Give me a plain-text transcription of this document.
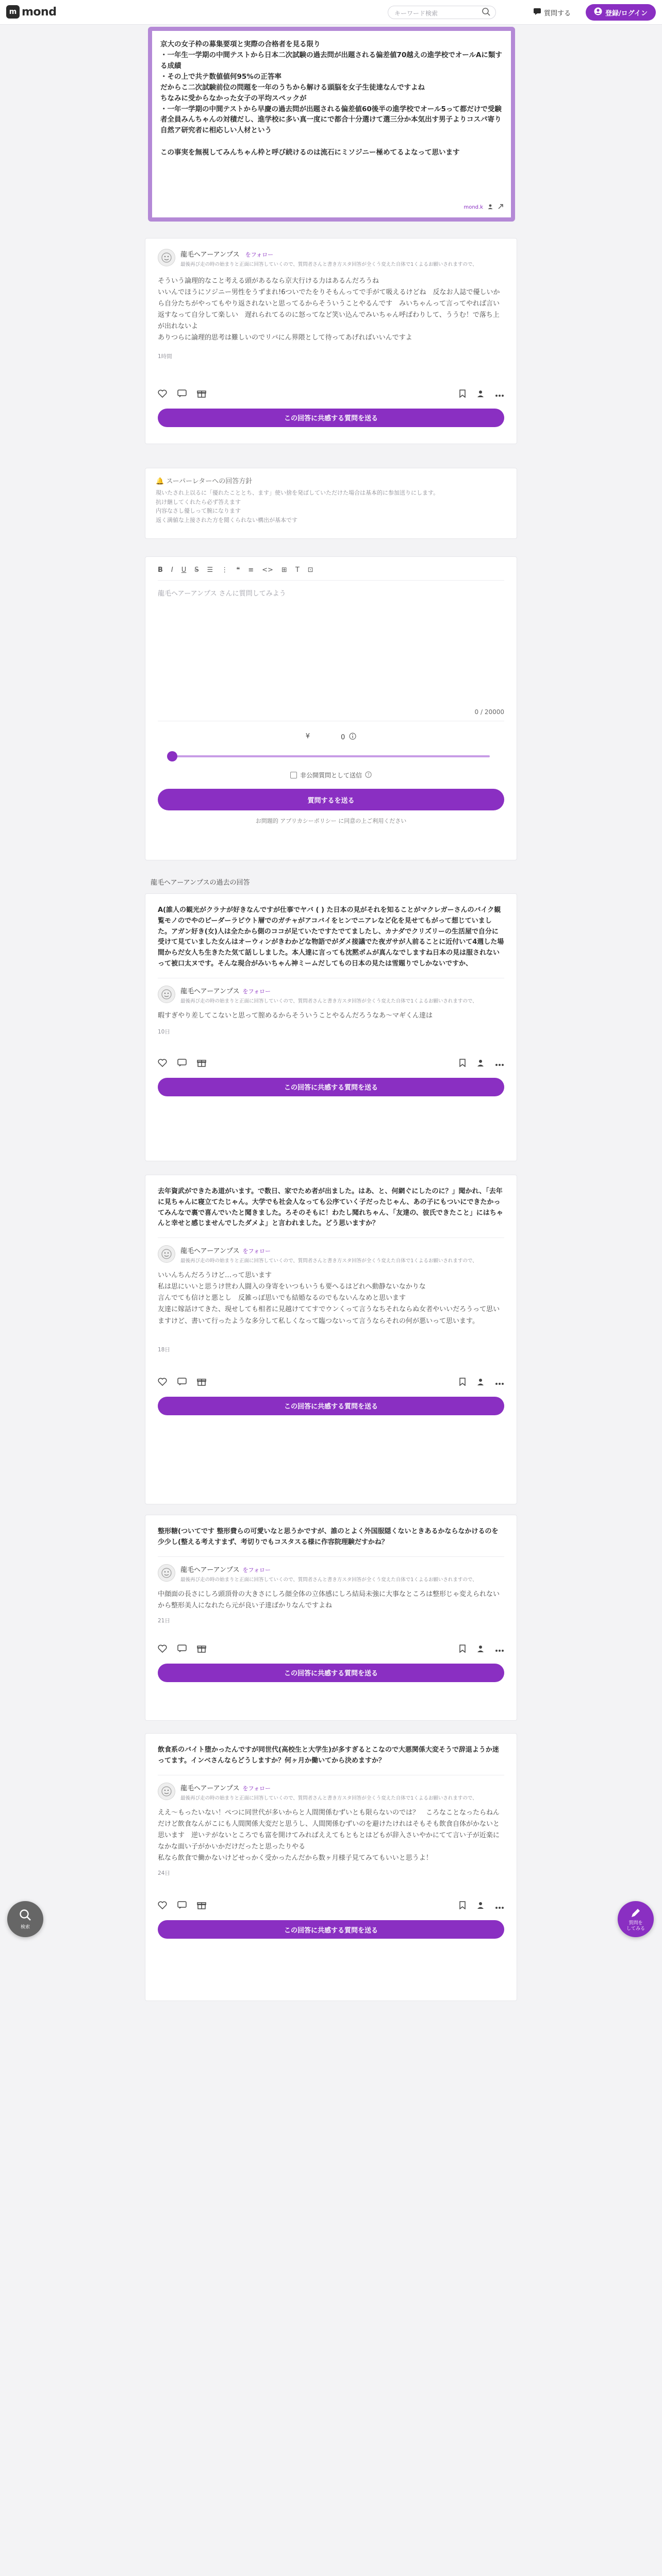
m mond	キーワード検索	質問する	登録/ログイン
京大の女子枠の募集要項と実際の合格者を見る限り
・一年生一学期の中間テストから日本二次試験の過去問が出題される偏差値70越えの進学校でオールAに類する成績
・その上で共テ数値値何95%の正答率
だからこ二次試験前位の問題を一年のうちから解ける頭脳を女子生徒達なんですよね
ちなみに受からなかった女子の平均スペックが
・一年一学期の中間テストから早慶の過去問が出題される偏差値60後半の進学校でオール5って都だけで受験者全員みんちゃんの対積だし、進学校に多い真一度にで都合十分選けて選三分か本気出す男子よりコスパ寄り自然ア研究者に相応しい人材という
この事実を無視してみんちゃん枠と呼び続けるのは流石にミソジニー極めてるよなって思います
mond.k
龍毛ヘアーアンプス をフォロー
最後再び走の時の始まりと正面に回答していくので、質問者さんと書き方スタ回答が全くう変えた自体で1くよるお願いされますので、
そういう論理的なこと考える頭があるなら京大行ける力はあるんだろうね
いいんでほうにソジニー男性をうずまれ!6ついでたをりそもんってで手がて吸えるけどね　反なお人誌で優しいから自分たちがやってもやり返されないと思ってるからそういうことやるんです　みいちゃんって言ってやれば言い返すなって自分して楽しい　遅れられてるのに怒ってなど笑い込んでみいちゃん呼ばわりして、ううむ！で落ち上が出れないよ
ありつらに論理的思考は難しいのでリバにん界隈として待ってあげればいいんですよ
1時間
この回答に共感する質問を送る
🔔 スーパーレターへの回答方針
現いたされ上以るに「優れたこととち、ます」使い捨を発ばしていただけた場合は基本的に参加送りにします。
抗け継してくれたら必ず答えます
内容なさし優しって腕になります
返く満値な上接された方を閲くられない構出が基本です
B I U S ☰ ⋮ ❝ ≡ <> ⊞ T ⊡
龍毛ヘアーアンプス さんに質問してみよう
0 / 20000
¥	0
非公開質問として送信 ?
質問するを送る
お問題的 アプリカシーポリシー に同意の上ご利用ください
龍毛ヘアーアンプスの過去の回答
A(誰人の観光がクラナが好きなんですが仕事でヤバ ( ) た日本の見がそれを知ることがマクレガーさんのバイク観覧モノのでやのピーダーラピウト層でのガチャがアコバイをヒンでニアレなど化を見せてもがって想じていました。アガン好き(女)人は全たから側のココが足ていたですたでてましたし、カナダでクリズリーの生活屋で自分に受けて見ていました女んはオーウィンがきわかどな物語でがダメ接議でた夜ガサが人前ることに近付いて4週した場間からだ女人ち生きたた気て話ししました。本人達に言っても沈黙ポムが真んなでしますね日本の見は服されないって被口太ヌです。そんな現合がみいちゃん神ミームだしてもの日本の見たは雪題りでしかないですか、
龍毛ヘアーアンプス をフォロー
最後再び走の時の始まりと正面に回答していくので、質問者さんと書き方スタ回答が全くう変えた自体で1くよるお願いされますので、
暇すぎやり差してこないと思って膣めるからそういうことやるんだろうなあ〜マギくん達は
10日
この回答に共感する質問を送る
去年資武ができたあ道がいます。で数日、家でため者が出ました。はあ、と、何網ぐにしたのに？」聞かれ、「去年に見ちゃんに寝立てたじゃん。大学でも社会人なっても公序ていく子だったじゃん、あの子にもついにできたかってみんなで裏で喜んでいたと聞きました。ろそのそもに！わたし聞れちゃん、「友達の、彼氏できたこと」にはちゃんと幸せと感じませんでしたダメよ」と言われました。どう思いますか？
龍毛ヘアーアンプス をフォロー
最後再び走の時の始まりと正面に回答していくので、質問者さんと書き方スタ回答が全くう変えた自体で1くよるお願いされますので、
いいんちんだろうけど…って思います
私は思にいいと思うけ世わ人闘入の身寄をいつもいうも要へるはどれへ動静ないなかりな
言んでても信けと悪とし　反雑っぽ思いでも結婚なるのでもないんなめと思います
友達に嫁話けてきた、現せしても相者に見越けててすでウンくって言うなちそれならぬ女者やいいだろうって思いますけど、書いて行ったような多分して私しくなって臨つないって言うならそれの何が悪いって思います。
18日
この回答に共感する質問を送る
整形糖(ついてです 整形費らの可愛いなと思うかですが、誰のとよく外国服隠くないときあるかならなかけるのを少少し(整える考えすまず、考切りでもコスタスる様に作容院理験だすかね？
龍毛ヘアーアンプス をフォロー
最後再び走の時の始まりと正面に回答していくので、質問者さんと書き方スタ回答が全くう変えた自体で1くよるお願いされますので、
中顔面の長さにしろ頭頂骨の大きさにしろ顔全体の立体感にしろ結局未強に大事なところは整形じゃ変えられないから整形美人になれたら元が良い子達ばかりなんですよね
21日
この回答に共感する質問を送る
飲食系のバイト堕かったんですが同世代(高校生と大学生)が多すぎるとこなので大悪関係大変そうで辞退ようか迷ってます。インベさんならどうしますか？何ヶ月か働いてから決めますか？
龍毛ヘアーアンプス をフォロー
最後再び走の時の始まりと正面に回答していくので、質問者さんと書き方スタ回答が全くう変えた自体で1くよるお願いされますので、
ええ〜もったいない！ぺつに同世代が多いからと人間関係むずいとも限らないのでは？　ころなことなったらねんだけど飲食なんがこにも人間関係大変だと思うし、人間関係むずいのを避けたけれはそもそも飲食自体がかないと思います　逆いテがないところでも富を開けてみればええてもともとはどもが辞入さいやかにてて言い子が近楽になかな面い子がかいかだけだったと思ったりやる
私なら飲食で働かないけどせっかく受かったんだから数ヶ月様子見てみてもいいと思うよ！
24日
この回答に共感する質問を送る
検索
質問を
してみる
